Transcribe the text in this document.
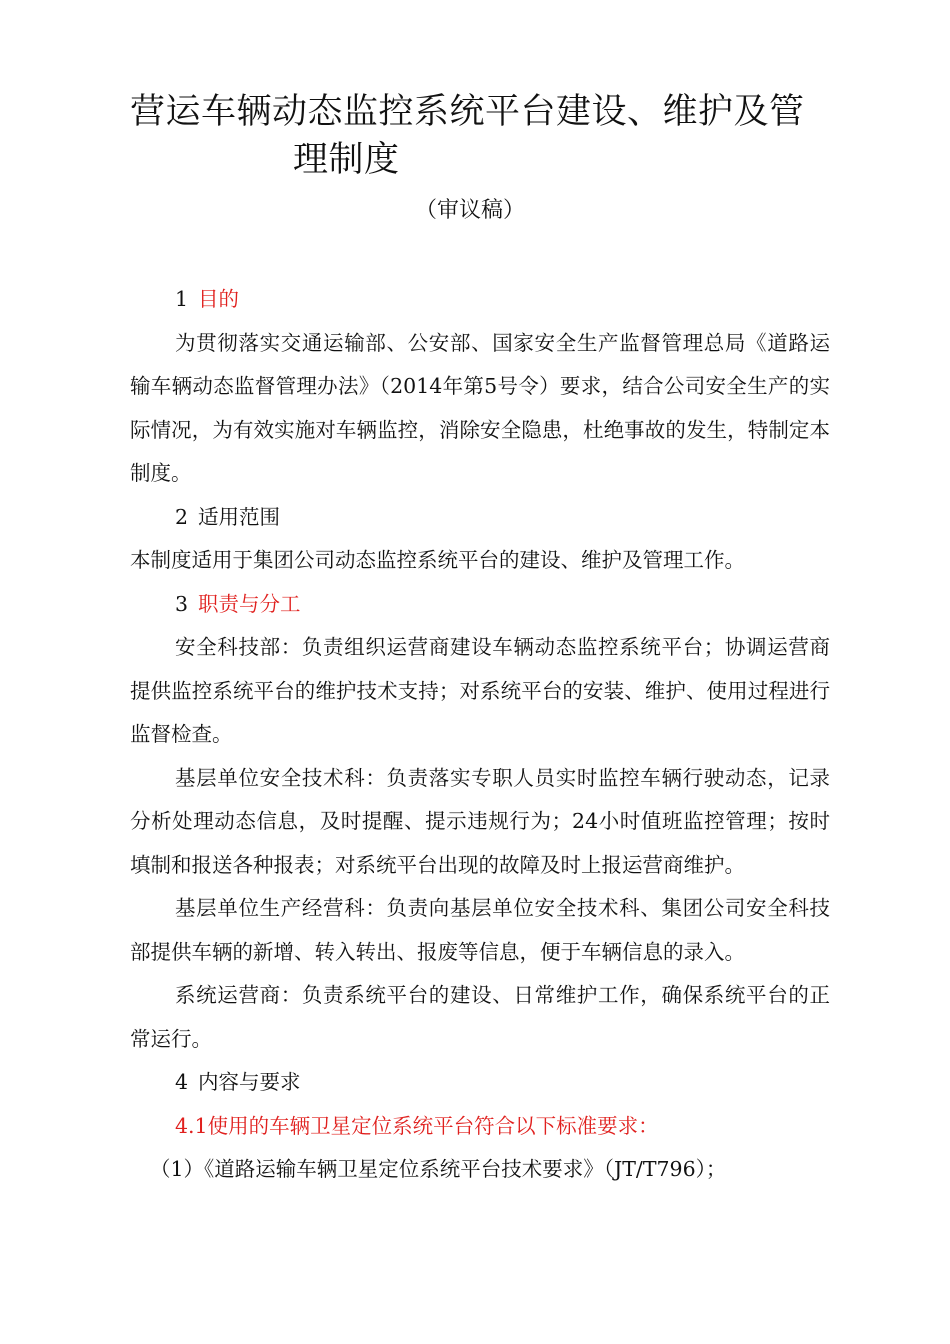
营运车辆动态监控系统平台建设、维护及管

理制度
（审议稿）

1 目的

为贯彻落实交通运输部、公安部、国家安全生产监督管理总局《道路运输车辆动态监督管理办法》（2014年第5号令）要求，结合公司安全生产的实际情况，为有效实施对车辆监控，消除安全隐患，杜绝事故的发生，特制定本制度。

2 适用范围

本制度适用于集团公司动态监控系统平台的建设、维护及管理工作。

3 职责与分工

安全科技部：负责组织运营商建设车辆动态监控系统平台；协调运营商提供监控系统平台的维护技术支持；对系统平台的安装、维护、使用过程进行监督检查。

基层单位安全技术科：负责落实专职人员实时监控车辆行驶动态，记录分析处理动态信息，及时提醒、提示违规行为；24小时值班监控管理；按时填制和报送各种报表；对系统平台出现的故障及时上报运营商维护。

基层单位生产经营科：负责向基层单位安全技术科、集团公司安全科技部提供车辆的新增、转入转出、报废等信息，便于车辆信息的录入。

系统运营商：负责系统平台的建设、日常维护工作，确保系统平台的正常运行。

4 内容与要求

4.1使用的车辆卫星定位系统平台符合以下标准要求：

（1）《道路运输车辆卫星定位系统平台技术要求》（JT/T796）；
